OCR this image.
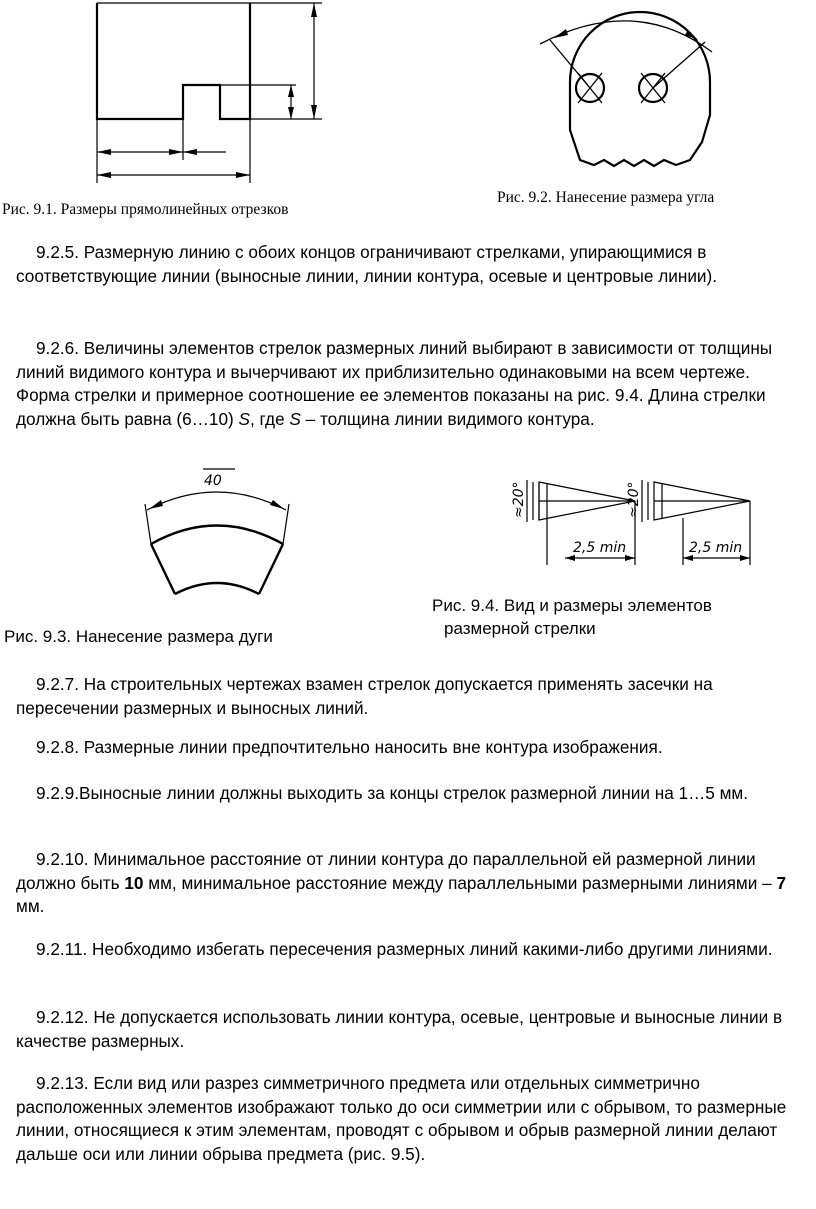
Рис. 9.1. Размеры прямолинейных отрезков
Рис. 9.2. Нанесение размера угла

9.2.5. Размерную линию с обоих концов ограничивают стрелками, упирающимися в соответствующие линии (выносные линии, линии контура, осевые и центровые линии).

9.2.6. Величины элементов стрелок размерных линий выбирают в зависимости от толщины линий видимого контура и вычерчивают их приблизительно одинаковыми на всем чертеже. Форма стрелки и примерное соотношение ее элементов показаны на рис. 9.4. Длина стрелки должна быть равна (6…10) S, где S – толщина линии видимого контура.

40
Рис. 9.3. Нанесение размера дуги
≈20°	≈20°
2,5 min	2,5 min
Рис. 9.4. Вид и размеры элементов
размерной стрелки

9.2.7. На строительных чертежах взамен стрелок допускается применять засечки на пересечении размерных и выносных линий.

9.2.8. Размерные линии предпочтительно наносить вне контура изображения.

9.2.9.Выносные линии должны выходить за концы стрелок размерной линии на 1…5 мм.

9.2.10. Минимальное расстояние от линии контура до параллельной ей размерной линии должно быть 10 мм, минимальное расстояние между параллельными размерными линиями – 7 мм.

9.2.11. Необходимо избегать пересечения размерных линий какими-либо другими линиями.

9.2.12. Не допускается использовать линии контура, осевые, центровые и выносные линии в качестве размерных.

9.2.13. Если вид или разрез симметричного предмета или отдельных симметрично расположенных элементов изображают только до оси симметрии или с обрывом, то размерные линии, относящиеся к этим элементам, проводят с обрывом и обрыв размерной линии делают дальше оси или линии обрыва предмета (рис. 9.5).
